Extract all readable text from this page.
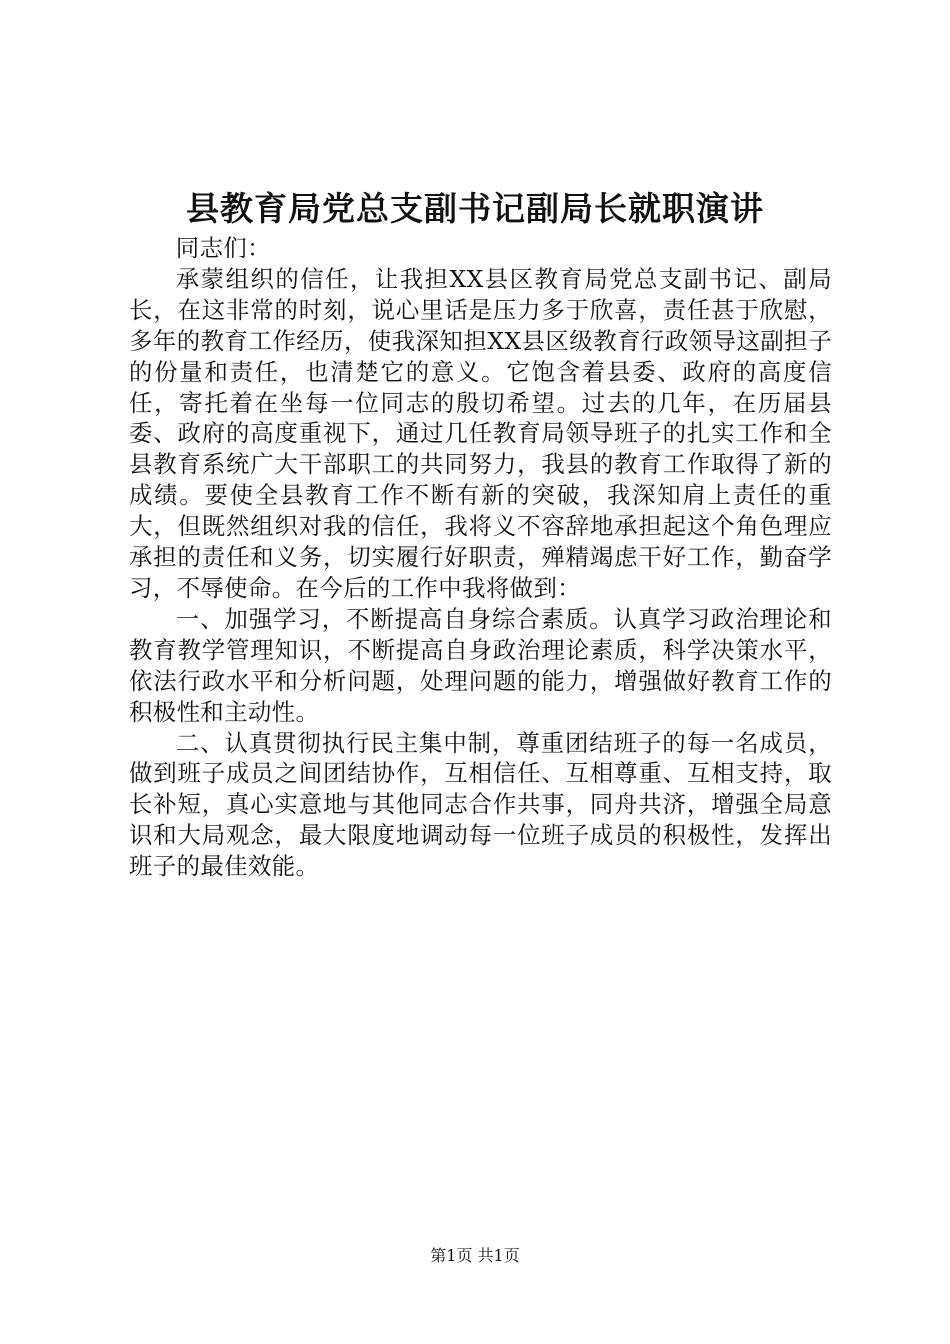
县教育局党总支副书记副局长就职演讲

同志们：

承蒙组织的信任，让我担XX县区教育局党总支副书记、副局长，在这非常的时刻，说心里话是压力多于欣喜，责任甚于欣慰，多年的教育工作经历，使我深知担XX县区级教育行政领导这副担子的份量和责任，也清楚它的意义。它饱含着县委、政府的高度信任，寄托着在坐每一位同志的殷切希望。过去的几年，在历届县委、政府的高度重视下，通过几任教育局领导班子的扎实工作和全县教育系统广大干部职工的共同努力，我县的教育工作取得了新的成绩。要使全县教育工作不断有新的突破，我深知肩上责任的重大，但既然组织对我的信任，我将义不容辞地承担起这个角色理应承担的责任和义务，切实履行好职责，殚精竭虑干好工作，勤奋学习，不辱使命。在今后的工作中我将做到：

一、加强学习，不断提高自身综合素质。认真学习政治理论和教育教学管理知识，不断提高自身政治理论素质，科学决策水平，依法行政水平和分析问题，处理问题的能力，增强做好教育工作的积极性和主动性。

二、认真贯彻执行民主集中制，尊重团结班子的每一名成员，做到班子成员之间团结协作，互相信任、互相尊重、互相支持，取长补短，真心实意地与其他同志合作共事，同舟共济，增强全局意识和大局观念，最大限度地调动每一位班子成员的积极性，发挥出班子的最佳效能。

第1页 共1页
